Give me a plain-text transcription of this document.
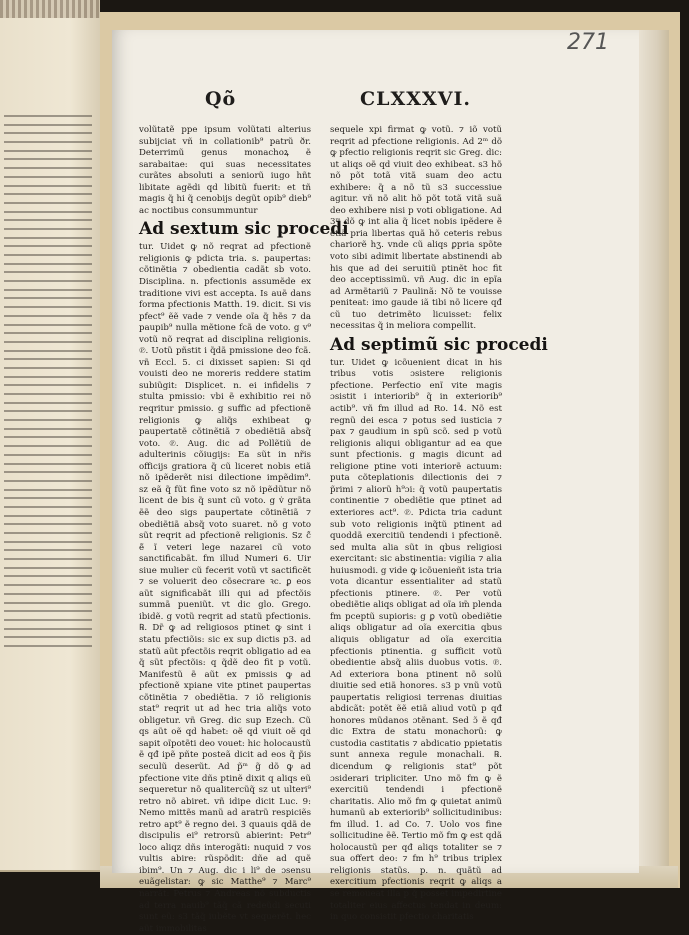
271
Qõ	CLXXXVI.

volũtatẽ ppe ipsum volũtati alterius subijciat vñ in collationib⁹ patrũ ðr. Deterrimũ genus monachoꝝ ẽ sarabaitae: qui suas necessitates curãtes absoluti a seniorũ iugo hñt libitate agẽdi qd libitũ fuerit: et tñ magis q̃ hi q̃ cenobijs degũt opib⁹ dieb⁹ ac noctibus consummuntur

Ad sextum sic procedi

tur. Uidet ꝙ nõ reqrat ad pfectionẽ religionis ꝙ pdicta tria. s. paupertas: cõtinẽtia ⁊ obedientia cadãt sb voto. Disciplina. n. pfectionis assumẽde ex traditione vivi est accepta. Is auẽ dans forma pfectionis Matth. 19. dicit. Si vis pfect⁹ ẽẽ vade ⁊ vende oĩa q̃ hẽs ⁊ da paupib⁹ nulla mẽtione fcã de voto. g v⁹ votũ nõ reqrat ad disciplina religionis. ℗. Uotũ pñstit i q̃dã pmissione deo fcã. vñ Eccl. 5. ci dixisset sapien: Si qd vouisti deo ne moreris reddere statim subiũgit: Displicet. n. ei infidelis ⁊ stulta pmissio: vbi ẽ exhibitio rei nõ reqritur pmissio. g suffic ad pfectionẽ religionis ꝙ aliq̃s exhibeat ꝙ paupertatẽ cõtinẽtiã ⁊ obediẽtiã absq̃ voto. ℗. Aug. dic ad Pollẽtiũ de adulterinis cõiugijs: Ea sũt in nr̃is officijs gratiora q̃ cũ liceret nobis etiã nõ ipẽderẽt nisi dilectione impẽdim⁹. sz eã q̃ fũt fine voto sz nõ ipẽdũtur nõ licent de bis q̃ sunt cũ voto. g v̇ grãta ẽẽ deo sigs paupertate cõtinẽtiã ⁊ obediẽtiã absq̃ voto suaret. nõ g voto sũt reqrit ad pfectionẽ religionis. Sz ĉ̃ ẽ̃ ĩ veteri lege nazarei cũ voto sanctificabãt. fm illud Numeri 6. Uir siue mulier cũ fecerit votũ vt sactificẽt ⁊ se voluerit deo cõsecrare ꝛc. ꝑ eos aũt significabãt illi qui ad pfectõis summã pueniũt. vt dic glo. Grego. ibidẽ. g votũ reqrit ad statũ pfectionis. ℞. Dr̃ ꝙ ad religiosos ptinet ꝙ sint i statu pfectiõis: sic ex sup dictis p3. ad statũ aũt pfectõis reqrit obligatio ad ea q̃ sũt pfectõis: q q̃dẽ deo fit p votũ. Manifestũ ẽ aũt ex pmissis ꝙ ad pfectionẽ xpiane vite ptinet paupertas cõtinẽtia ⁊ obediẽtia. ⁊ iõ religionis stat⁹ reqrit ut ad hec tria aliq̃s voto obligetur. vñ Greg. dic sup Ezech. Cũ qs aũt oẽ qd habet: oẽ qd viuit oẽ qd sapit oĩpotẽti deo vouet: hic holocaustũ ẽ qđ ipẽ pñte posteã dicit ad eos q̃ p̃is seculũ deserũt. Ad p̃ᵐ g̃ dõ ꝙ ad pfectione vite dñs ptinẽ dixit q aliqs eũ sequeretur nõ qualitercũq̃ sz ut ulteri⁹ retro nõ abiret. vñ idipe dicit Luc. 9: Nemo mittẽs manũ ad aratrũ respiciẽs retro apt⁹ ẽ regno dei. Ꝫ quauis qdã de discipulis ei⁹ retrorsũ abierint: Petr⁹ loco aliqz dñs interogãti: nuquid ⁊ vos vultis abire: rũspõdit: dñe ad quẽ ibim⁹. Un ⁊ Aug. dic i li⁹ de ɔsensu euãgelistar: ꝙ sic Matthe⁹ ⁊ Marc⁹ narrãt: Petrus ⁊ Andreas nõ subductis ad terra nauib⁹ tãq̃ cã redeũdi secuti sunt eũ: s3 tãq̃ iubẽte vt sequerẽt. hec aũt immobilitas

sequele xpi firmat ꝙ votũ. ⁊ iõ votũ reqrit ad pfectione religionis. Ad 2ᵐ dõ ꝙ pfectio religionis reqrit sic Greg. dic: ut aliqs oẽ qd viuit deo exhibeat. s3 hõ nõ põt totã vitã suam deo actu exhibere: q̃ a nõ tũ s3 successiue agitur. vñ nõ alit hõ põt totã vitã suã deo exhibere nisi p voti obligatione. Ad 3ᵐ dõ ꝙ int alia q̃ licet nobis ipẽdere ẽ etiã pria libertas quã hõ ceteris rebus chariorẽ hʒ. vnde cũ aliqs ꝑpria spõte voto sibi adimit libertate abstinendi ab his que ad dei seruitiũ ptinẽt hoc fit deo acceptissimũ. vñ Aug. dic in epĩa ad Armẽtariũ ⁊ Paulinã: Nõ te vouisse peniteat: imo gaude iã tibi nõ licere qđ cũ tuo detrimẽto licuisset: felix necessitas q̃ in meliora compellit.

Ad septimũ sic procedi

tur. Uidet ꝙ icõuenient dicat in his tribus votis ɔsistere religionis pfectione. Perfectio enĩ vite magis ɔsistit i interiorib⁹ q̃ in exteriorib⁹ actib⁹. vñ fm illud ad Ro. 14. Nõ est regnũ dei esca ⁊ potus sed iusticia ⁊ pax ⁊ gaudium in spũ scõ. sed p votũ religionis aliqui obligantur ad ea que sunt pfectionis. g magis dicunt ad religione ptine voti interiorẽ actuum: puta cõteplationis dilectionis dei ⁊ p̃rimi ⁊ aliorũ h⁹ɔi: q̃ votũ paupertatis continentie ⁊ obediẽtie que ptinet ad exteriores act⁹. ℗. Pdicta tria cadunt sub voto religionis inq̃tũ ptinent ad quoddã exercitiũ tendendi i pfectionẽ. sed multa alia sũt in qbus religiosi exercitant: sic abstinentia: vigilia ⁊ alia huiusmodi. g vide ꝙ icõuenieñt ista tria vota dicantur essentialiter ad statũ pfectionis ptinere. ℗. Per votũ obediẽtie aliqs obligat ad oĩa im̃ plenda fm pceptũ supioris: g ꝑ votũ obediẽtie aliqs obligatur ad oĩa exercitia qbus aliquis obligatur ad oĩa exercitia pfectionis ptinentia. g sufficit votũ obedientie absq̃ aliis duobus votis. ℗. Ad exteriora bona ptinent nõ solũ diuitie sed etiã honores. s3 p vnũ votũ paupertatis religiosi terrenas diuitias abdicãt: potẽt ẽẽ etiã aliud votũ p qđ honores mũdanos ɔtẽnant. Sed ɔ̃ ẽ qđ dic Extra de statu monachorũ: ꝙ custodia castitatis ⁊ abdicatio ppietatis sunt annexa regule monachali. ℞. dicendum ꝙ religionis stat⁹ põt ɔsiderari tripliciter. Uno mõ fm ꝙ ẽ exercitiũ tendendi i pfectionẽ charitatis. Alio mõ fm ꝙ quietat animũ humanũ ab exteriorib⁹ sollicitudinibus: fm illud. 1. ad Co. 7. Uolo vos fine sollicitudine ẽẽ. Tertio mõ fm ꝙ est qdã holocaustũ per qđ aliqs totaliter se ⁊ sua offert deo: ⁊ fm h⁹ tribus triplex religionis statũs. p. n. quãtũ ad exercitium pfectionis reqrit ꝙ aliqs a se remoueat illa p q̃ posset impedirtine totaliter eius affectus tendat in deum: in quo consistit pfectio charitatis
